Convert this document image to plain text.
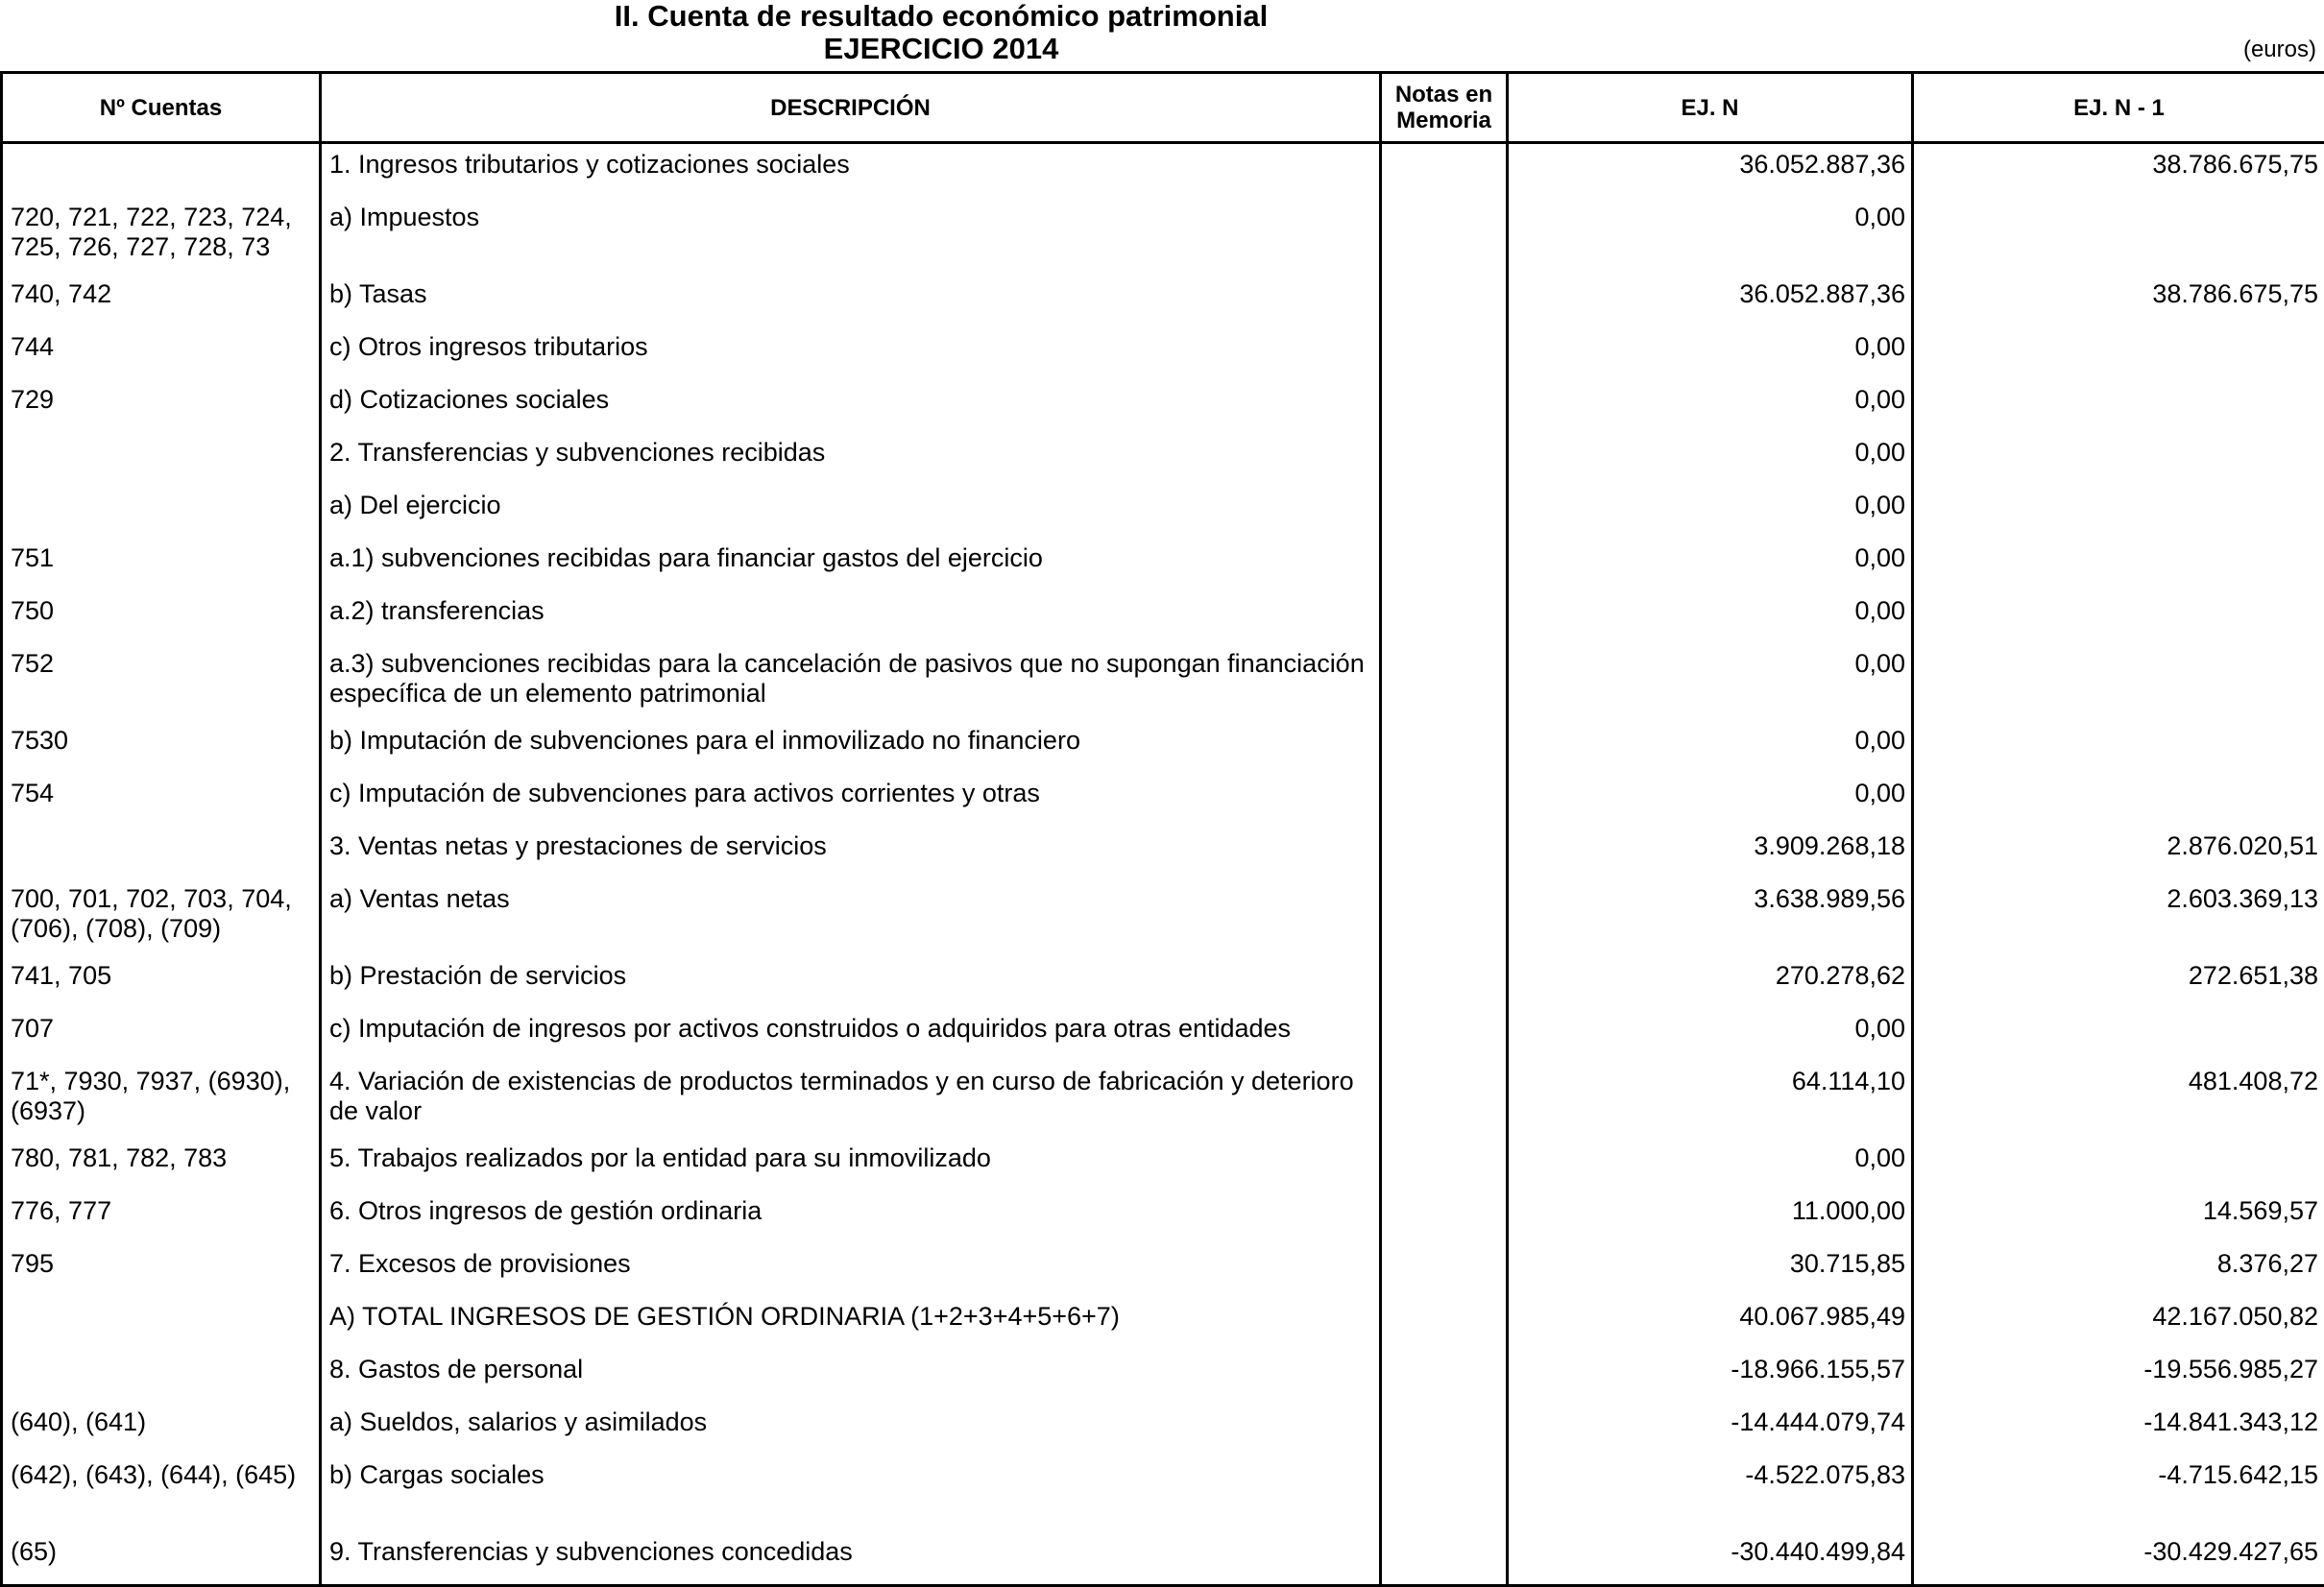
II. Cuenta de resultado económico patrimonial
EJERCICIO 2014	(euros)
Nº Cuentas	DESCRIPCIÓN	Notas en Memoria	EJ. N	EJ. N - 1
	1. Ingresos tributarios y cotizaciones sociales		36.052.887,36	38.786.675,75
720, 721, 722, 723, 724, 725, 726, 727, 728, 73	a) Impuestos		0,00	
740, 742	b) Tasas		36.052.887,36	38.786.675,75
744	c) Otros ingresos tributarios		0,00	
729	d) Cotizaciones sociales		0,00	
	2. Transferencias y subvenciones recibidas		0,00	
	a) Del ejercicio		0,00	
751	a.1) subvenciones recibidas para financiar gastos del ejercicio		0,00	
750	a.2) transferencias		0,00	
752	a.3) subvenciones recibidas para la cancelación de pasivos que no supongan financiación específica de un elemento patrimonial		0,00	
7530	b) Imputación de subvenciones para el inmovilizado no financiero		0,00	
754	c) Imputación de subvenciones para activos corrientes y otras		0,00	
	3. Ventas netas y prestaciones de servicios		3.909.268,18	2.876.020,51
700, 701, 702, 703, 704, (706), (708), (709)	a) Ventas netas		3.638.989,56	2.603.369,13
741, 705	b) Prestación de servicios		270.278,62	272.651,38
707	c) Imputación de ingresos por activos construidos o adquiridos para otras entidades		0,00	
71*, 7930, 7937, (6930), (6937)	4. Variación de existencias de productos terminados y en curso de fabricación y deterioro de valor		64.114,10	481.408,72
780, 781, 782, 783	5. Trabajos realizados por la entidad para su inmovilizado		0,00	
776, 777	6. Otros ingresos de gestión ordinaria		11.000,00	14.569,57
795	7. Excesos de provisiones		30.715,85	8.376,27
	A) TOTAL INGRESOS DE GESTIÓN ORDINARIA (1+2+3+4+5+6+7)		40.067.985,49	42.167.050,82
	8. Gastos de personal		-18.966.155,57	-19.556.985,27
(640), (641)	a) Sueldos, salarios y asimilados		-14.444.079,74	-14.841.343,12
(642), (643), (644), (645)	b) Cargas sociales		-4.522.075,83	-4.715.642,15
(65)	9. Transferencias y subvenciones concedidas		-30.440.499,84	-30.429.427,65
